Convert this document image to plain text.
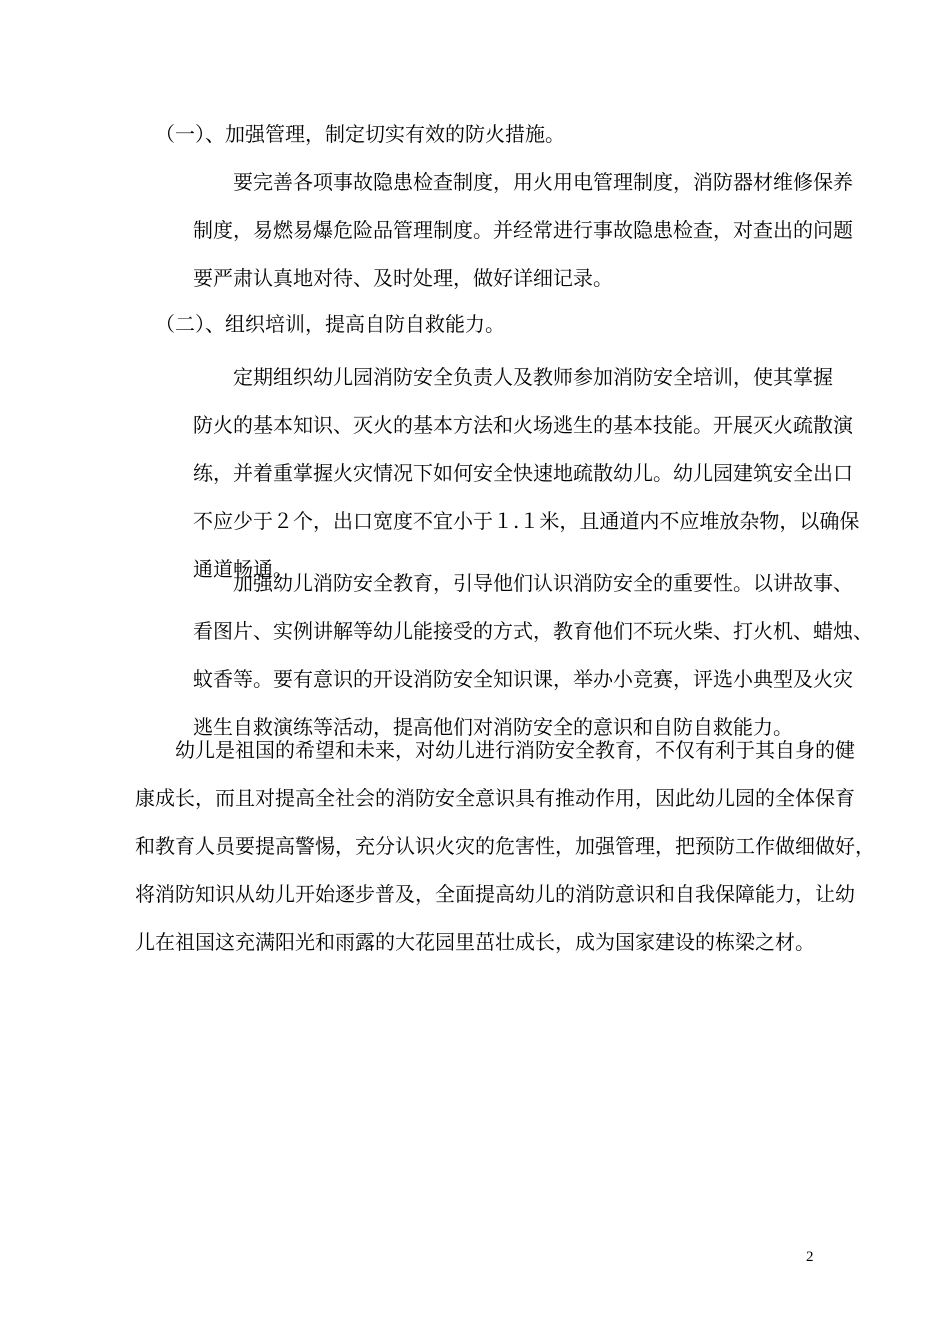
（一）、加强管理，制定切实有效的防火措施。
要完善各项事故隐患检查制度，用火用电管理制度，消防器材维修保养
制度，易燃易爆危险品管理制度。并经常进行事故隐患检查，对查出的问题
要严肃认真地对待、及时处理，做好详细记录。
（二）、组织培训，提高自防自救能力。
定期组织幼儿园消防安全负责人及教师参加消防安全培训，使其掌握
防火的基本知识、灭火的基本方法和火场逃生的基本技能。开展灭火疏散演
练，并着重掌握火灾情况下如何安全快速地疏散幼儿。幼儿园建筑安全出口
不应少于２个，出口宽度不宜小于１.１米，且通道内不应堆放杂物，以确保
通道畅通。
加强幼儿消防安全教育，引导他们认识消防安全的重要性。以讲故事、
看图片、实例讲解等幼儿能接受的方式，教育他们不玩火柴、打火机、蜡烛、
蚊香等。要有意识的开设消防安全知识课，举办小竞赛，评选小典型及火灾
逃生自救演练等活动，提高他们对消防安全的意识和自防自救能力。
幼儿是祖国的希望和未来，对幼儿进行消防安全教育，不仅有利于其自身的健
康成长，而且对提高全社会的消防安全意识具有推动作用，因此幼儿园的全体保育
和教育人员要提高警惕，充分认识火灾的危害性，加强管理，把预防工作做细做好，
将消防知识从幼儿开始逐步普及，全面提高幼儿的消防意识和自我保障能力，让幼
儿在祖国这充满阳光和雨露的大花园里茁壮成长，成为国家建设的栋梁之材。
2
